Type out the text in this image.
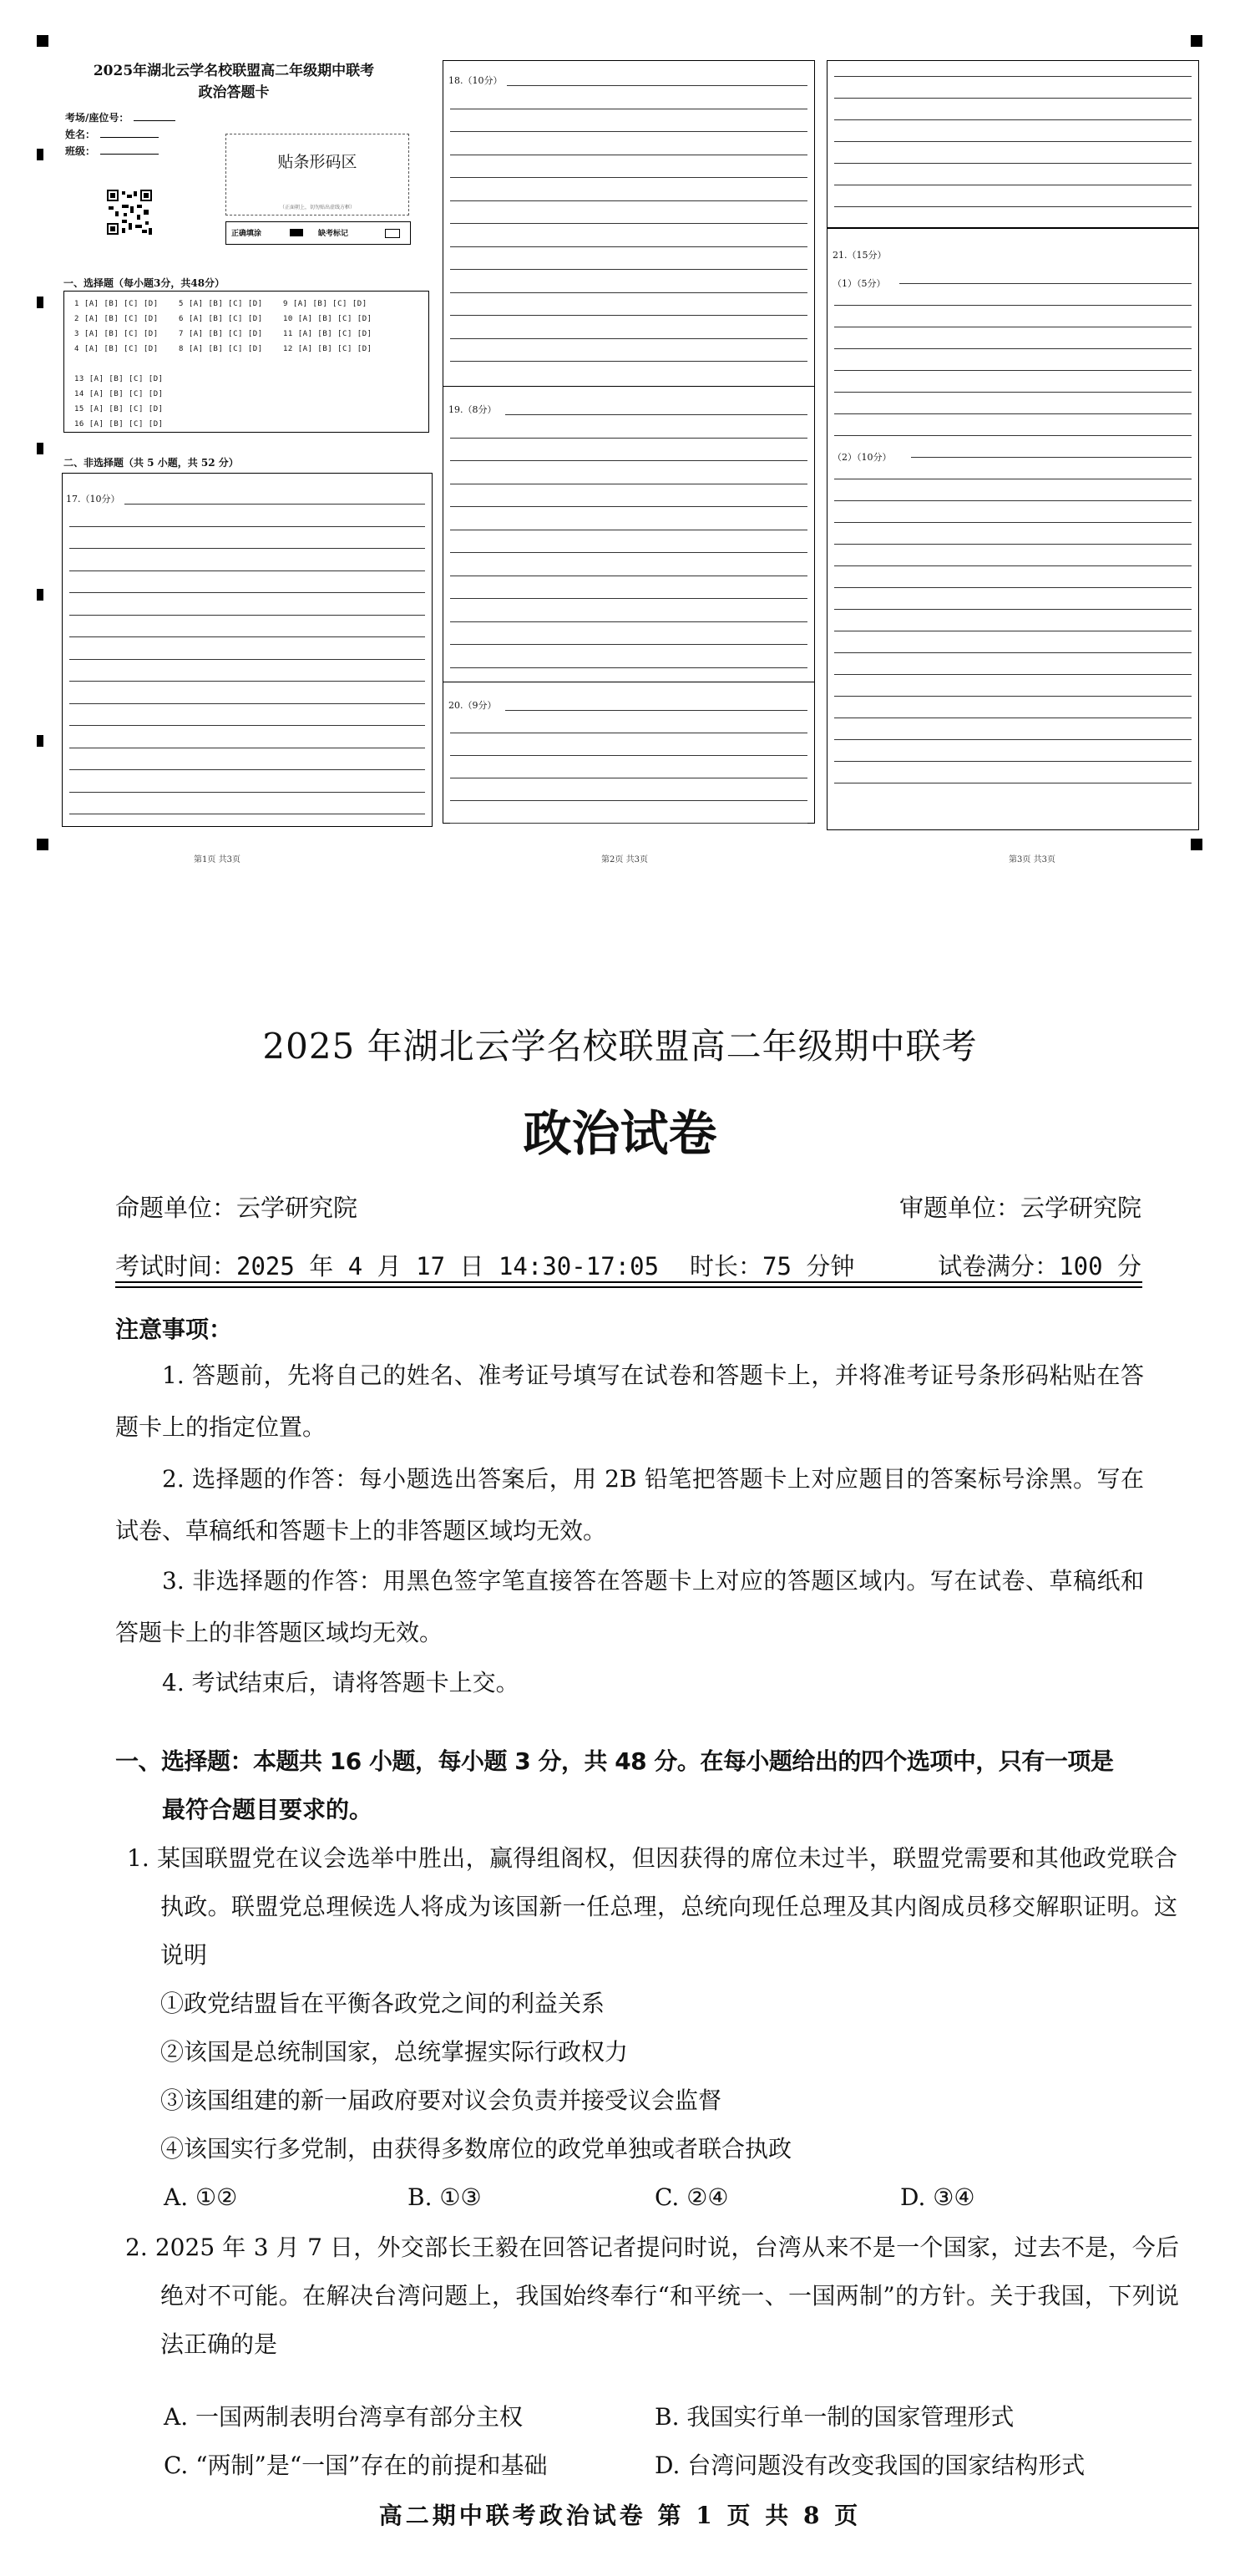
2025年湖北云学名校联盟高二年级期中联考
政治答题卡
考场/座位号：
姓名：
班级：
贴条形码区
（正面朝上，切勿贴出虚线方框）
正确填涂	缺考标记
一、选择题（每小题3分，共48分）
1 [A] [B] [C] [D]
2 [A] [B] [C] [D]
3 [A] [B] [C] [D]
4 [A] [B] [C] [D]
5 [A] [B] [C] [D]
6 [A] [B] [C] [D]
7 [A] [B] [C] [D]
8 [A] [B] [C] [D]
9 [A] [B] [C] [D]
10 [A] [B] [C] [D]
11 [A] [B] [C] [D]
12 [A] [B] [C] [D]
13 [A] [B] [C] [D]
14 [A] [B] [C] [D]
15 [A] [B] [C] [D]
16 [A] [B] [C] [D]
二、非选择题（共 5 小题，共 52 分）
17.（10分）
18.（10分）
19.（8分）
20.（9分）
21.（15分）
（1）（5分）
（2）（10分）
第1页 共3页	第2页 共3页	第3页 共3页
2025 年湖北云学名校联盟高二年级期中联考
政治试卷
命题单位：云学研究院	审题单位：云学研究院
考试时间：2025 年 4 月 17 日 14:30-17:05 时长：75 分钟	试卷满分：100 分
注意事项：
1. 答题前，先将自己的姓名、准考证号填写在试卷和答题卡上，并将准考证号条形码粘贴在答题卡上的指定位置。
2. 选择题的作答：每小题选出答案后，用 2B 铅笔把答题卡上对应题目的答案标号涂黑。写在试卷、草稿纸和答题卡上的非答题区域均无效。
3. 非选择题的作答：用黑色签字笔直接答在答题卡上对应的答题区域内。写在试卷、草稿纸和答题卡上的非答题区域均无效。
4. 考试结束后，请将答题卡上交。
一、选择题：本题共 16 小题，每小题 3 分，共 48 分。在每小题给出的四个选项中，只有一项是
最符合题目要求的。
1. 某国联盟党在议会选举中胜出，赢得组阁权，但因获得的席位未过半，联盟党需要和其他政党联合执政。联盟党总理候选人将成为该国新一任总理，总统向现任总理及其内阁成员移交解职证明。这说明
①政党结盟旨在平衡各政党之间的利益关系
②该国是总统制国家，总统掌握实际行政权力
③该国组建的新一届政府要对议会负责并接受议会监督
④该国实行多党制，由获得多数席位的政党单独或者联合执政
A. ①②	B. ①③	C. ②④	D. ③④
2. 2025 年 3 月 7 日，外交部长王毅在回答记者提问时说，台湾从来不是一个国家，过去不是，今后绝对不可能。在解决台湾问题上，我国始终奉行“和平统一、一国两制”的方针。关于我国，下列说法正确的是
A. 一国两制表明台湾享有部分主权	B. 我国实行单一制的国家管理形式
C. “两制”是“一国”存在的前提和基础	D. 台湾问题没有改变我国的国家结构形式
高二期中联考政治试卷 第 1 页 共 8 页
